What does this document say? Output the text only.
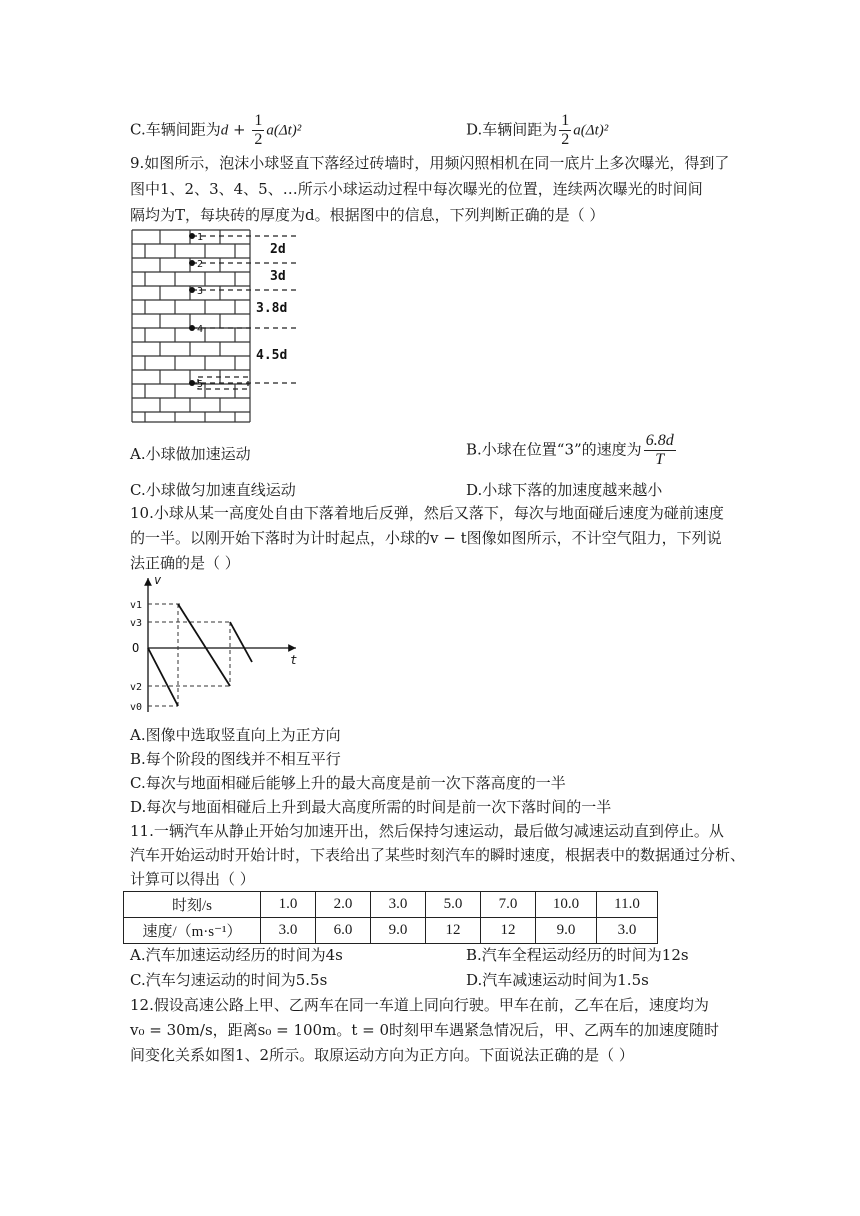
C.车辆间距为$d + \frac{1}{2} a(\Delta t)^2$	D.车辆间距为 $\frac{1}{2} a(\Delta t)^2$
9.如图所示，泡沫小球竖直下落经过砖墙时，用频闪照相机在同一底片上多次曝光，得到了
图中1、2、3、4、5、…所示小球运动过程中每次曝光的位置，连续两次曝光的时间间
隔均为T，每块砖的厚度为d。根据图中的信息，下列判断正确的是（ ）
1
2
3
4
5
2d
3d
3.8d
4.5d
A.小球做加速运动	B.小球在位置“3”的速度为 $\frac{6.8d}{T}$
C.小球做匀加速直线运动	D.小球下落的加速度越来越小
10.小球从某一高度处自由下落着地后反弹，然后又落下，每次与地面碰后速度为碰前速度
的一半。以刚开始下落时为计时起点，小球的v − t图像如图所示，不计空气阻力，下列说
法正确的是（ ）
v
t
O
v1
v3
v2
v0
A.图像中选取竖直向上为正方向
B.每个阶段的图线并不相互平行
C.每次与地面相碰后能够上升的最大高度是前一次下落高度的一半
D.每次与地面相碰后上升到最大高度所需的时间是前一次下落时间的一半
11.一辆汽车从静止开始匀加速开出，然后保持匀速运动，最后做匀减速运动直到停止。从
汽车开始运动时开始计时，下表给出了某些时刻汽车的瞬时速度，根据表中的数据通过分析、
计算可以得出（ ）
时刻/s	1.0	2.0	3.0	5.0	7.0	10.0	11.0
速度/（m·s⁻¹）	3.0	6.0	9.0	12	12	9.0	3.0
A.汽车加速运动经历的时间为4s	B.汽车全程运动经历的时间为12s
C.汽车匀速运动的时间为5.5s	D.汽车减速运动时间为1.5s
12.假设高速公路上甲、乙两车在同一车道上同向行驶。甲车在前，乙车在后，速度均为
v₀ = 30m/s，距离s₀ = 100m。t = 0时刻甲车遇紧急情况后，甲、乙两车的加速度随时
间变化关系如图1、2所示。取原运动方向为正方向。下面说法正确的是（ ）
